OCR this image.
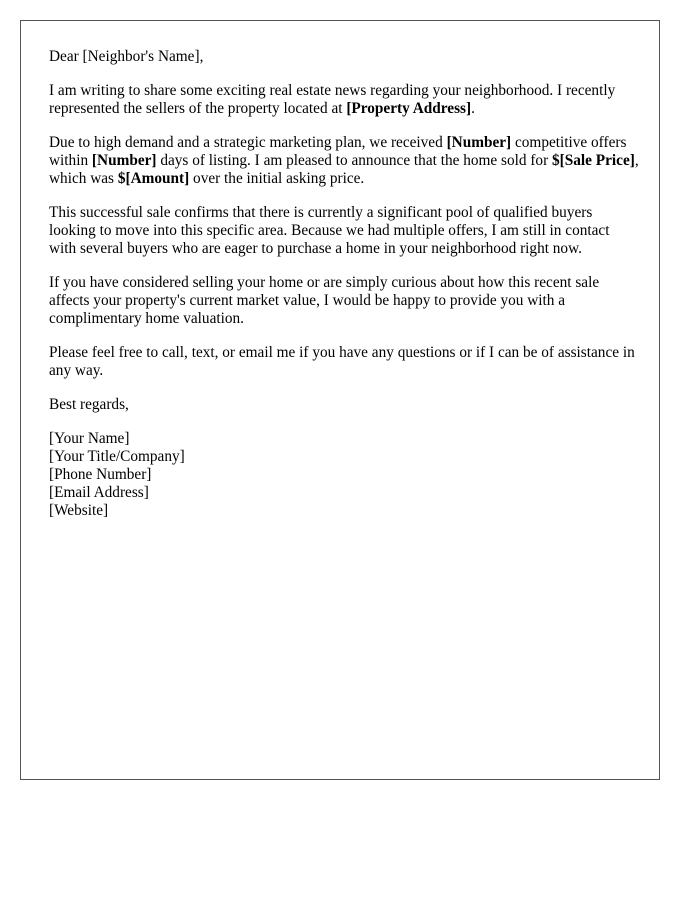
Dear [Neighbor's Name],

I am writing to share some exciting real estate news regarding your neighborhood. I recently represented the sellers of the property located at [Property Address].

Due to high demand and a strategic marketing plan, we received [Number] competitive offers within [Number] days of listing. I am pleased to announce that the home sold for $[Sale Price], which was $[Amount] over the initial asking price.

This successful sale confirms that there is currently a significant pool of qualified buyers looking to move into this specific area. Because we had multiple offers, I am still in contact with several buyers who are eager to purchase a home in your neighborhood right now.

If you have considered selling your home or are simply curious about how this recent sale affects your property's current market value, I would be happy to provide you with a complimentary home valuation.

Please feel free to call, text, or email me if you have any questions or if I can be of assistance in any way.

Best regards,

[Your Name]
[Your Title/Company]
[Phone Number]
[Email Address]
[Website]
